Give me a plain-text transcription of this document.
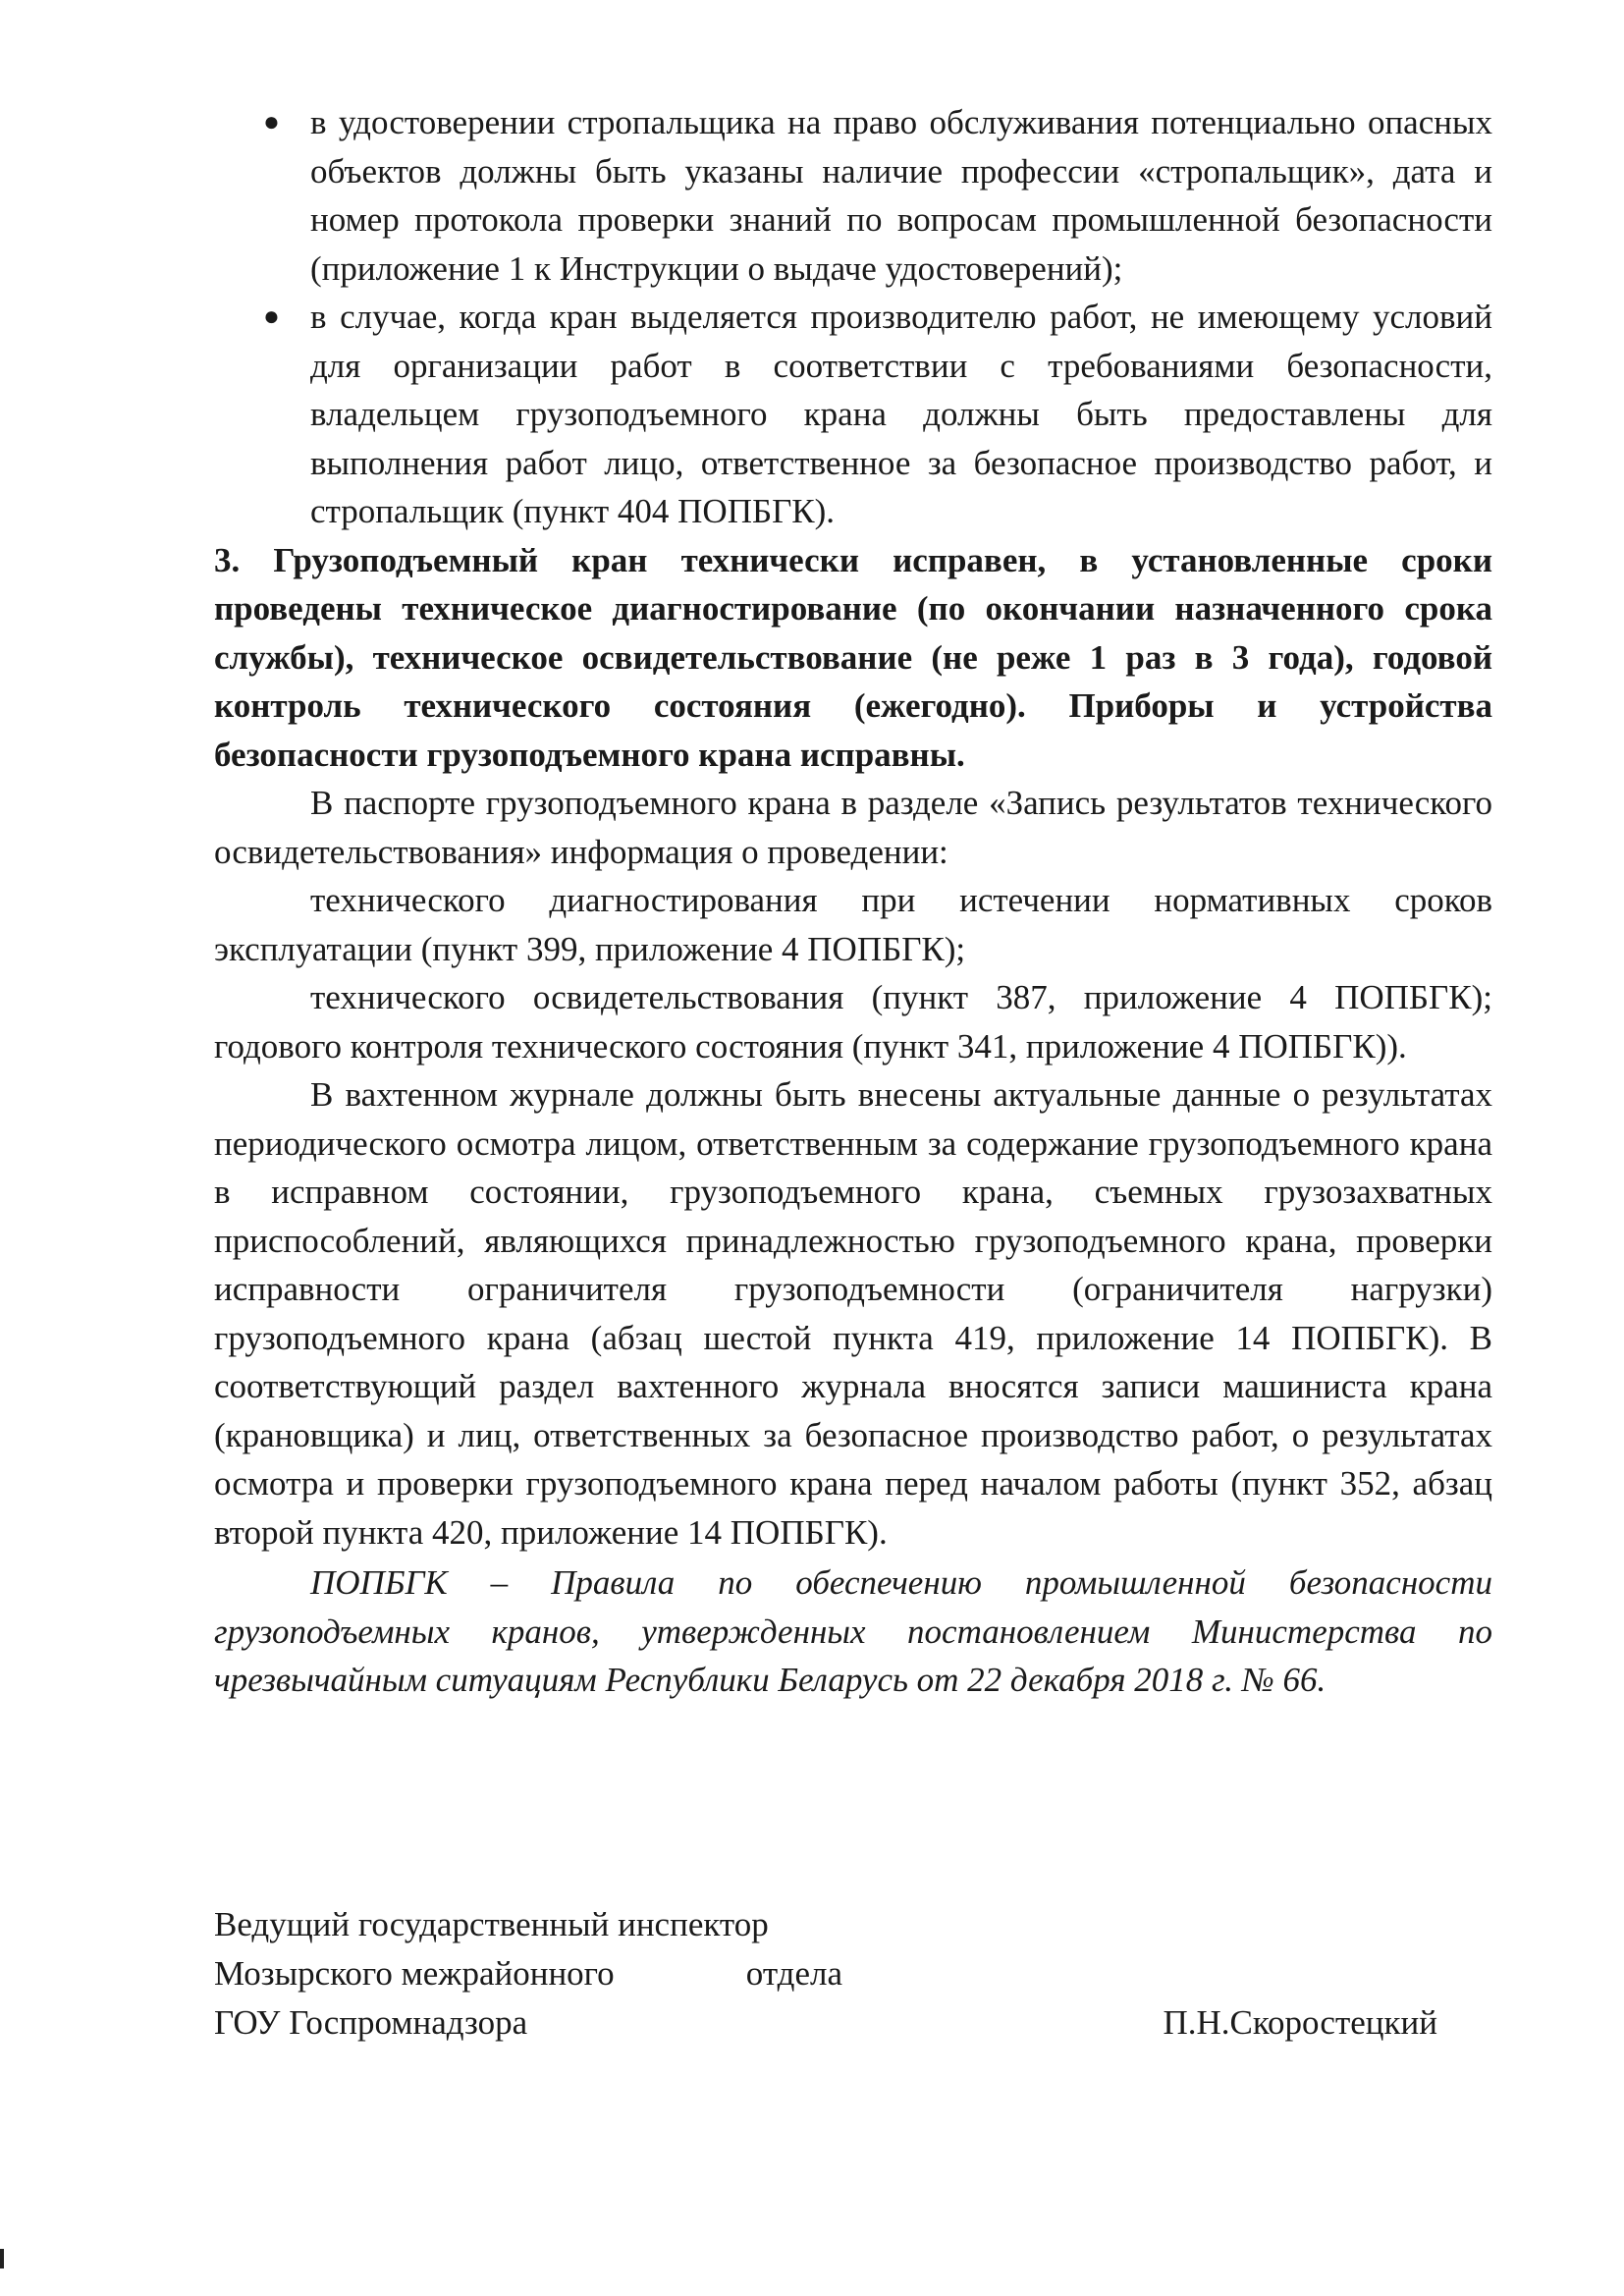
● в удостоверении стропальщика на право обслуживания потенциально опасных объектов должны быть указаны наличие профессии «стропальщик», дата и номер протокола проверки знаний по вопросам промышленной безопасности (приложение 1 к Инструкции о выдаче удостоверений);
● в случае, когда кран выделяется производителю работ, не имеющему условий для организации работ в соответствии с требованиями безопасности, владельцем грузоподъемного крана должны быть предоставлены для выполнения работ лицо, ответственное за безопасное производство работ, и стропальщик (пункт 404 ПОПБГК).

3. Грузоподъемный кран технически исправен, в установленные сроки проведены техническое диагностирование (по окончании назначенного срока службы), техническое освидетельствование (не реже 1 раз в 3 года), годовой контроль технического состояния (ежегодно). Приборы и устройства безопасности грузоподъемного крана исправны.

В паспорте грузоподъемного крана в разделе «Запись результатов технического освидетельствования» информация о проведении:

технического диагностирования при истечении нормативных сроков эксплуатации (пункт 399, приложение 4 ПОПБГК);

технического освидетельствования (пункт 387, приложение 4 ПОПБГК); годового контроля технического состояния (пункт 341, приложение 4 ПОПБГК)).

В вахтенном журнале должны быть внесены актуальные данные о результатах периодического осмотра лицом, ответственным за содержание грузоподъемного крана в исправном состоянии, грузоподъемного крана, съемных грузозахватных приспособлений, являющихся принадлежностью грузоподъемного крана, проверки исправности ограничителя грузоподъемности (ограничителя нагрузки) грузоподъемного крана (абзац шестой пункта 419, приложение 14 ПОПБГК). В соответствующий раздел вахтенного журнала вносятся записи машиниста крана (крановщика) и лиц, ответственных за безопасное производство работ, о результатах осмотра и проверки грузоподъемного крана перед началом работы (пункт 352, абзац второй пункта 420, приложение 14 ПОПБГК).

ПОПБГК – Правила по обеспечению промышленной безопасности грузоподъемных кранов, утвержденных постановлением Министерства по чрезвычайным ситуациям Республики Беларусь от 22 декабря 2018 г. № 66.

Ведущий государственный инспектор
Мозырского межрайонного	отдела
ГОУ Госпромнадзора	П.Н.Скоростецкий
